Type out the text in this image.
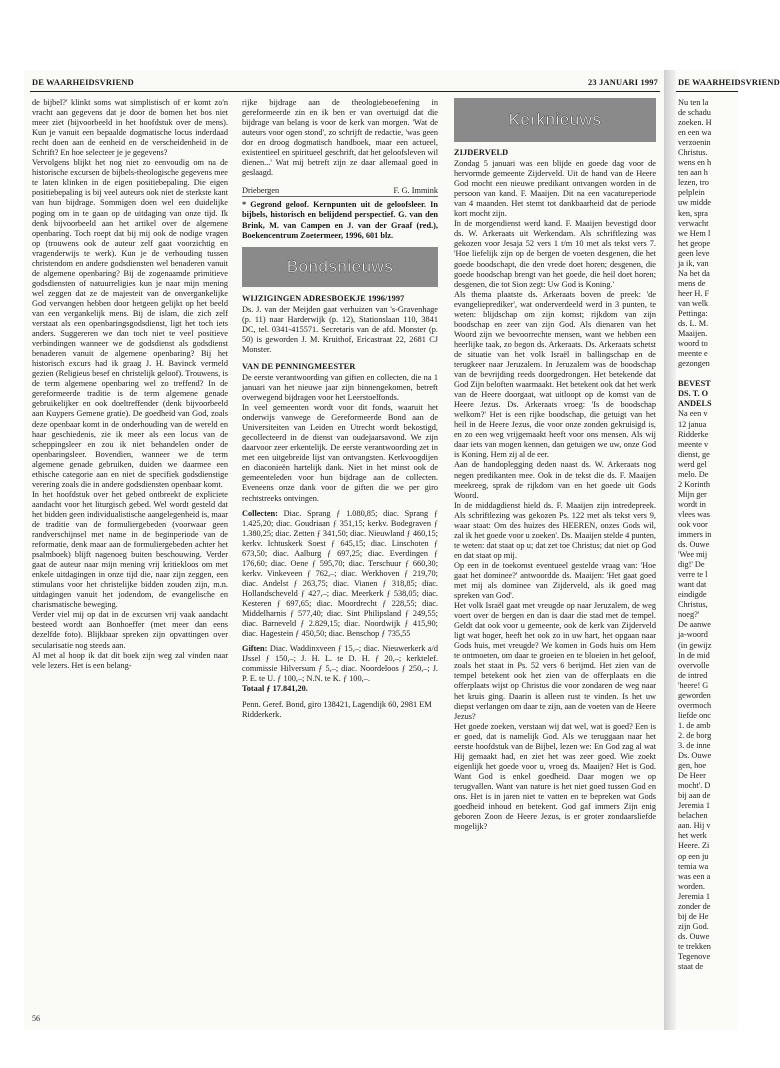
DE WAARHEIDSVRIEND	23 JANUARI 1997

de bijbel?' klinkt soms wat simplistisch of er komt zo'n vracht aan gegevens dat je door de bomen het bos niet meer ziet (bijvoorbeeld in het hoofdstuk over de mens). Kun je vanuit een bepaalde dogmatische locus inderdaad recht doen aan de eenheid en de verscheidenheid in de Schrift? En hoe selecteer je je gegevens?

Vervolgens blijkt het nog niet zo eenvoudig om na de historische excursen de bijbels-theologische gegevens mee te laten klinken in de eigen positiebepaling. Die eigen positiebepaling is bij veel auteurs ook niet de sterkste kant van hun bijdrage. Sommigen doen wel een duidelijke poging om in te gaan op de uitdaging van onze tijd. Ik denk bijvoorbeeld aan het artikel over de algemene openbaring. Toch roept dat bij mij ook de nodige vragen op (trouwens ook de auteur zelf gaat voorzichtig en vragenderwijs te werk). Kun je de verhouding tussen christendom en andere godsdiensten wel benaderen vanuit de algemene openbaring? Bij de zogenaamde primitieve godsdiensten of natuurreligies kun je naar mijn mening wel zeggen dat ze de majesteit van de onvergankelijke God vervangen hebben door hetgeen gelijkt op het beeld van een vergankelijk mens. Bij de islam, die zich zelf verstaat als een openbaringsgodsdienst, ligt het toch iets anders. Suggereren we dan toch niet te veel positieve verbindingen wanneer we de godsdienst als godsdienst benaderen vanuit de algemene openbaring? Bij het historisch excurs had ik graag J. H. Bavinck vermeld gezien (Religieus besef en christelijk geloof). Trouwens, is de term algemene openbaring wel zo treffend? In de gereformeerde traditie is de term algemene genade gebruikelijker en ook doeltreffender (denk bijvoorbeeld aan Kuypers Gemene gratie). De goedheid van God, zoals deze openbaar komt in de onderhouding van de wereld en haar geschiedenis, zie ik meer als een locus van de scheppingsleer en zou ik niet behandelen onder de openbaringsleer. Bovendien, wanneer we de term algemene genade gebruiken, duiden we daarmee een ethische categorie aan en niet de specifiek godsdienstige verering zoals die in andere godsdiensten openbaar komt.

In het hoofdstuk over het gebed ontbreekt de expliciete aandacht voor het liturgisch gebed. Wel wordt gesteld dat het bidden geen individualistische aangelegenheid is, maar de traditie van de formuliergebeden (voorwaar geen randverschijnsel met name in de beginperiode van de reformatie, denk maar aan de formuliergebeden achter het psalmboek) blijft nagenoeg buiten beschouwing. Verder gaat de auteur naar mijn mening vrij kritiekloos om met enkele uitdagingen in onze tijd die, naar zijn zeggen, een stimulans voor het christelijke bidden zouden zijn, m.n. uitdagingen vanuit het jodendom, de evangelische en charismatische beweging.

Verder viel mij op dat in de excursen vrij vaak aandacht besteed wordt aan Bonhoeffer (met meer dan eens dezelfde foto). Blijkbaar spreken zijn opvattingen over secularisatie nog steeds aan.

Al met al hoop ik dat dit boek zijn weg zal vinden naar vele lezers. Het is een belang-

rijke bijdrage aan de theologiebeoefening in gereformeerde zin en ik ben er van overtuigd dat die bijdrage van belang is voor de kerk van morgen. 'Wat de auteurs voor ogen stond', zo schrijft de redactie, 'was geen dor en droog dogmatisch handboek, maar een actueel, existentieel en spiritueel geschrift, dat het geloofsleven wil dienen...' Wat mij betreft zijn ze daar allemaal goed in geslaagd.

Driebergen	F. G. Immink

* Gegrond geloof. Kernpunten uit de geloofsleer. In bijbels, historisch en belijdend perspectief. G. van den Brink, M. van Campen en J. van der Graaf (red.), Boekencentrum Zoetermeer, 1996, 601 blz.

Bondsnieuws
WIJZIGINGEN ADRESBOEKJE 1996/1997

Ds. J. van der Meijden gaat verhuizen van 's-Gravenhage (p. 11) naar Harderwijk (p. 12), Stationslaan 110, 3841 DC, tel. 0341-415571. Secretaris van de afd. Monster (p. 50) is geworden J. M. Kruithof, Ericastraat 22, 2681 CJ Monster.

VAN DE PENNINGMEESTER

De eerste verantwoording van giften en collecten, die na 1 januari van het nieuwe jaar zijn binnengekomen, betreft overwegend bijdragen voor het Leerstoelfonds.

In veel gemeenten wordt voor dit fonds, waaruit het onderwijs vanwege de Gereformeerde Bond aan de Universiteiten van Leiden en Utrecht wordt bekostigd, gecollecteerd in de dienst van oudejaarsavond. We zijn daarvoor zeer erkentelijk. De eerste verantwoording zet in met een uitgebreide lijst van ontvangsten. Kerkvoogdijen en diaconieën hartelijk dank. Niet in het minst ook de gemeenteleden voor hun bijdrage aan de collecten. Eveneens onze dank voor de giften die we per giro rechtstreeks ontvingen.

Collecten: Diac. Sprang ƒ 1.080,85; diac. Sprang ƒ 1.425,20; diac. Goudriaan ƒ 351,15; kerkv. Bodegraven ƒ 1.380,25; diac. Zetten ƒ 341,50; diac. Nieuwland ƒ 460,15; kerkv. Ichtuskerk Soest ƒ 645,15; diac. Linschoten ƒ 673,50; diac. Aalburg ƒ 697,25; diac. Everdingen ƒ 176,60; diac. Oene ƒ 595,70; diac. Terschuur ƒ 660,30; kerkv. Vinkeveen ƒ 762,–; diac. Werkhoven ƒ 219,70; diac. Andelst ƒ 263,75; diac. Vianen ƒ 318,85; diac. Hollandscheveld ƒ 427,–; diac. Meerkerk ƒ 538,05; diac. Kesteren ƒ 697,65; diac. Moordrecht ƒ 228,55; diac. Middelharnis ƒ 577,40; diac. Sint Philipsland ƒ 249,55; diac. Barneveld ƒ 2.829,15; diac. Noordwijk ƒ 415,90; diac. Hagestein ƒ 450,50; diac. Benschop ƒ 735,55

Giften: Diac. Waddinxveen ƒ 15,–; diac. Nieuwerkerk a/d IJssel ƒ 150,–; J. H. L. te D. H. ƒ 20,–; kerktelef. commissie Hilversum ƒ 5,–; diac. Noordeloos ƒ 250,–; J. P. E. te U. ƒ 100,–; N.N. te K. ƒ 100,–.

Totaal ƒ 17.841,20.

Penn. Geref. Bond, giro 138421, Lagendijk 60, 2981 EM Ridderkerk.

Kerknieuws
ZIJDERVELD

Zondag 5 januari was een blijde en goede dag voor de hervormde gemeente Zijderveld. Uit de hand van de Heere God mocht een nieuwe predikant ontvangen worden in de persoon van kand. F. Maaijen. Dit na een vacatureperiode van 4 maanden. Het stemt tot dankbaarheid dat de periode kort mocht zijn.

In de morgendienst werd kand. F. Maaijen bevestigd door ds. W. Arkeraats uit Werkendam. Als schriftlezing was gekozen voor Jesaja 52 vers 1 t/m 10 met als tekst vers 7. 'Hoe liefelijk zijn op de bergen de voeten desgenen, die het goede boodschapt, die den vrede doet horen; desgenen, die goede boodschap brengt van het goede, die heil doet horen; desgenen, die tot Sion zegt: Uw God is Koning.'

Als thema plaatste ds. Arkeraats boven de preek: 'de evangelieprediker', wat onderverdeeld werd in 3 punten, te weten: blijdschap om zijn komst; rijkdom van zijn boodschap en zeer van zijn God. Als dienaren van het Woord zijn we bevoorrechte mensen, want we hebben een heerlijke taak, zo begon ds. Arkeraats. Ds. Arkeraats schetst de situatie van het volk Israël in ballingschap en de terugkeer naar Jeruzalem. In Jeruzalem was de boodschap van de bevrijding reeds doorgedrongen. Het betekende dat God Zijn beloften waarmaakt. Het betekent ook dat het werk van de Heere doorgaat, wat uitloopt op de komst van de Heere Jezus. Ds. Arkeraats vroeg: 'Is de boodschap welkom?' Het is een rijke boodschap, die getuigt van het heil in de Heere Jezus, die voor onze zonden gekruisigd is, en zo een weg vrijgemaakt heeft voor ons mensen. Als wij daar iets van mogen kennen, dan getuigen we uw, onze God is Koning. Hem zij al de eer.

Aan de handoplegging deden naast ds. W. Arkeraats nog negen predikanten mee. Ook in de tekst die ds. F. Maaijen meekreeg, sprak de rijkdom van en het goede uit Gods Woord.

In de middagdienst hield ds. F. Maaijen zijn intredepreek. Als schriftlezing was gekozen Ps. 122 met als tekst vers 9, waar staat: Om des huizes des HEEREN, onzes Gods wil, zal ik het goede voor u zoeken'. Ds. Maaijen stelde 4 punten, te weten: dat staat op u; dat zet toe Christus; dat niet op God en dat staat op mij.

Op een in de toekomst eventueel gestelde vraag van: 'Hoe gaat het dominee?' antwoordde ds. Maaijen: 'Het gaat goed met mij als dominee van Zijderveld, als ik goed mag spreken van God'.

Het volk Israël gaat met vreugde op naar Jeruzalem, de weg voert over de bergen en dan is daar die stad met de tempel. Geldt dat ook voor u gemeente, ook de kerk van Zijderveld ligt wat hoger, heeft het ook zo in uw hart, het opgaan naar Gods huis, met vreugde? We komen in Gods huis om Hem te ontmoeten, om daar te groeien en te bloeien in het geloof, zoals het staat in Ps. 52 vers 6 berijmd. Het zien van de tempel betekent ook het zien van de offerplaats en die offerplaats wijst op Christus die voor zondaren de weg naar het kruis ging. Daarin is alleen rust te vinden. Is het uw diepst verlangen om daar te zijn, aan de voeten van de Heere Jezus?

Het goede zoeken, verstaan wij dat wel, wat is goed? Een is er goed, dat is namelijk God. Als we teruggaan naar het eerste hoofdstuk van de Bijbel, lezen we: En God zag al wat Hij gemaakt had, en ziet het was zeer goed. Wie zoekt eigenlijk het goede voor u, vroeg ds. Maaijen? Het is God. Want God is enkel goedheid. Daar mogen we op terugvallen. Want van nature is het niet goed tussen God en ons. Het is in jaren niet te vatten en te bepreken wat Gods goedheid inhoud en betekent. God gaf immers Zijn enig geboren Zoon de Heere Jezus, is er groter zondaarsliefde mogelijk?

56
DE WAARHEIDSVRIEND
Nu ten la
de schadu
zoeken. H
en een wa
verzoenin
Christus.
wens en h
ten aan h
lezen, tro
pelplein
uw midde
ken, spra
verwacht
we Hem l
het geope
geen leve
ja ik, van
Na het da
mens de
heer H. F
van welk
Pettinga:
ds. L. M.
Maaijen.
woord to
meente e
gezongen

BEVEST
DS. T. O
ANDELS
Na een v
12 janua
Ridderke
meente v
dienst, ge
werd gel
melo. De
2 Korinth
Mijn ger
wordt in
vlees was
ook voor
immers in
ds. Ouwe
'Wee mij
dig!' De
verre te l
want dat
eindigde
Christus,
noeg?'
De aanwe
ja-woord
(in gewijz
In de mid
overvolle
de intred
'heere! G
geworden
overmoch
liefde onc
1. de amb
2. de borg
3. de inne
Ds. Ouwe
gen, hoe
De Heer
mocht'. D
bij aan de
Jeremia 1
belachen
aan. Hij v
het werk
Heere. Zi
op een ju
temia wa
was een a
worden.
Jeremia 1
zonder de
bij de He
zijn God.
ds. Ouwe
te trekken
Tegenove
staat de
